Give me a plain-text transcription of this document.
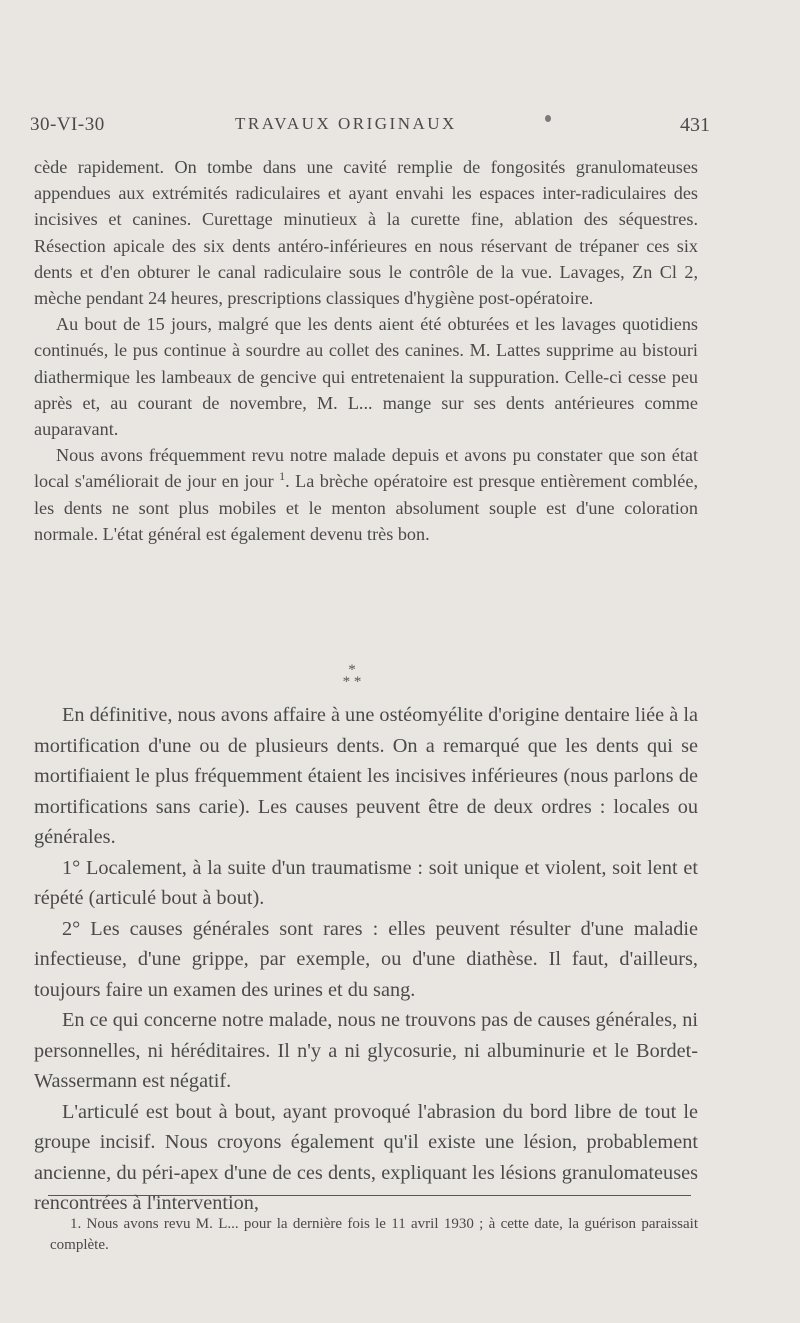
30-VI-30	TRAVAUX ORIGINAUX	431

cède rapidement. On tombe dans une cavité remplie de fongosités granulomateuses appendues aux extrémités radiculaires et ayant envahi les espaces inter-radiculaires des incisives et canines. Curettage minutieux à la curette fine, ablation des séquestres. Résection apicale des six dents antéro-inférieures en nous réservant de trépaner ces six dents et d'en obturer le canal radiculaire sous le contrôle de la vue. Lavages, Zn Cl 2, mèche pendant 24 heures, prescriptions classiques d'hygiène post-opératoire.

Au bout de 15 jours, malgré que les dents aient été obturées et les lavages quotidiens continués, le pus continue à sourdre au collet des canines. M. Lattes supprime au bistouri diathermique les lambeaux de gencive qui entretenaient la suppuration. Celle-ci cesse peu après et, au courant de novembre, M. L... mange sur ses dents antérieures comme auparavant.

Nous avons fréquemment revu notre malade depuis et avons pu constater que son état local s'améliorait de jour en jour $^1$. La brèche opératoire est presque entièrement comblée, les dents ne sont plus mobiles et le menton absolument souple est d'une coloration normale. L'état général est également devenu très bon.

*
* *

En définitive, nous avons affaire à une ostéomyélite d'origine dentaire liée à la mortification d'une ou de plusieurs dents. On a remarqué que les dents qui se mortifiaient le plus fréquemment étaient les incisives inférieures (nous parlons de mortifications sans carie). Les causes peuvent être de deux ordres : locales ou générales.

1° Localement, à la suite d'un traumatisme : soit unique et violent, soit lent et répété (articulé bout à bout).

2° Les causes générales sont rares : elles peuvent résulter d'une maladie infectieuse, d'une grippe, par exemple, ou d'une diathèse. Il faut, d'ailleurs, toujours faire un examen des urines et du sang.

En ce qui concerne notre malade, nous ne trouvons pas de causes générales, ni personnelles, ni héréditaires. Il n'y a ni glycosurie, ni albuminurie et le Bordet-Wassermann est négatif.

L'articulé est bout à bout, ayant provoqué l'abrasion du bord libre de tout le groupe incisif. Nous croyons également qu'il existe une lésion, probablement ancienne, du péri-apex d'une de ces dents, expliquant les lésions granulomateuses rencontrées à l'intervention,

1. Nous avons revu M. L... pour la dernière fois le 11 avril 1930 ; à cette date, la guérison paraissait complète.
